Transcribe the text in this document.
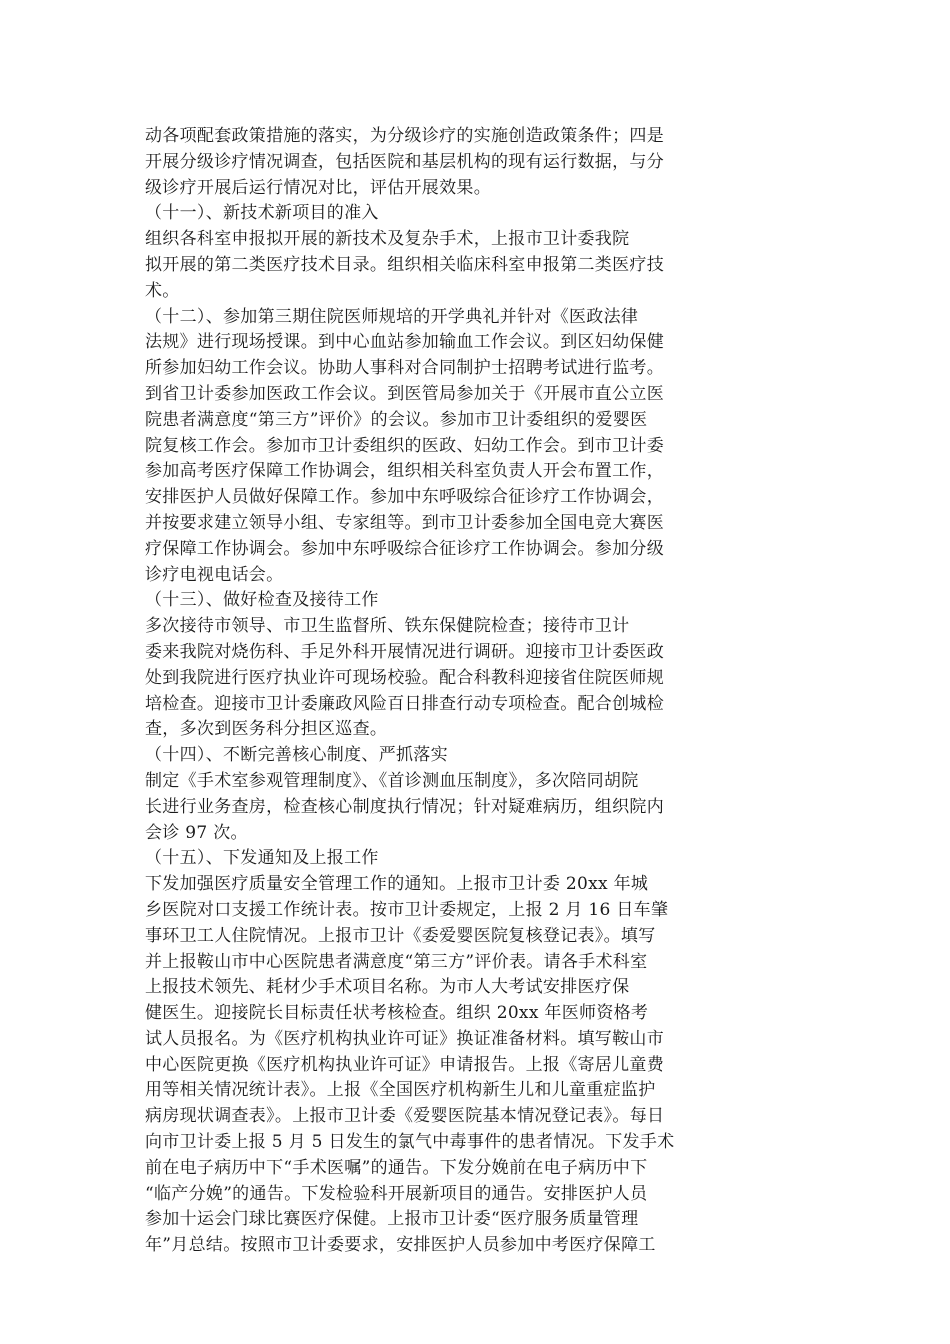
动各项配套政策措施的落实，为分级诊疗的实施创造政策条件；四是
开展分级诊疗情况调查，包括医院和基层机构的现有运行数据，与分
级诊疗开展后运行情况对比，评估开展效果。
（十一）、新技术新项目的准入
组织各科室申报拟开展的新技术及复杂手术，上报市卫计委我院
拟开展的第二类医疗技术目录。组织相关临床科室申报第二类医疗技
术。
（十二）、参加第三期住院医师规培的开学典礼并针对《医政法律
法规》进行现场授课。到中心血站参加输血工作会议。到区妇幼保健
所参加妇幼工作会议。协助人事科对合同制护士招聘考试进行监考。
到省卫计委参加医政工作会议。到医管局参加关于《开展市直公立医
院患者满意度“第三方”评价》的会议。参加市卫计委组织的爱婴医
院复核工作会。参加市卫计委组织的医政、妇幼工作会。到市卫计委
参加高考医疗保障工作协调会，组织相关科室负责人开会布置工作，
安排医护人员做好保障工作。参加中东呼吸综合征诊疗工作协调会，
并按要求建立领导小组、专家组等。到市卫计委参加全国电竞大赛医
疗保障工作协调会。参加中东呼吸综合征诊疗工作协调会。参加分级
诊疗电视电话会。
（十三）、做好检查及接待工作
多次接待市领导、市卫生监督所、铁东保健院检查；接待市卫计
委来我院对烧伤科、手足外科开展情况进行调研。迎接市卫计委医政
处到我院进行医疗执业许可现场校验。配合科教科迎接省住院医师规
培检查。迎接市卫计委廉政风险百日排查行动专项检查。配合创城检
查，多次到医务科分担区巡查。
（十四）、不断完善核心制度、严抓落实
制定《手术室参观管理制度》、《首诊测血压制度》，多次陪同胡院
长进行业务查房，检查核心制度执行情况；针对疑难病历，组织院内
会诊 97 次。
（十五）、下发通知及上报工作
下发加强医疗质量安全管理工作的通知。上报市卫计委 20xx 年城
乡医院对口支援工作统计表。按市卫计委规定，上报 2 月 16 日车肇
事环卫工人住院情况。上报市卫计《委爱婴医院复核登记表》。填写
并上报鞍山市中心医院患者满意度“第三方”评价表。请各手术科室
上报技术领先、耗材少手术项目名称。为市人大考试安排医疗保
健医生。迎接院长目标责任状考核检查。组织 20xx 年医师资格考
试人员报名。为《医疗机构执业许可证》换证准备材料。填写鞍山市
中心医院更换《医疗机构执业许可证》申请报告。上报《寄居儿童费
用等相关情况统计表》。上报《全国医疗机构新生儿和儿童重症监护
病房现状调查表》。上报市卫计委《爱婴医院基本情况登记表》。每日
向市卫计委上报 5 月 5 日发生的氯气中毒事件的患者情况。下发手术
前在电子病历中下“手术医嘱”的通告。下发分娩前在电子病历中下
“临产分娩”的通告。下发检验科开展新项目的通告。安排医护人员
参加十运会门球比赛医疗保健。上报市卫计委“医疗服务质量管理
年”月总结。按照市卫计委要求，安排医护人员参加中考医疗保障工
